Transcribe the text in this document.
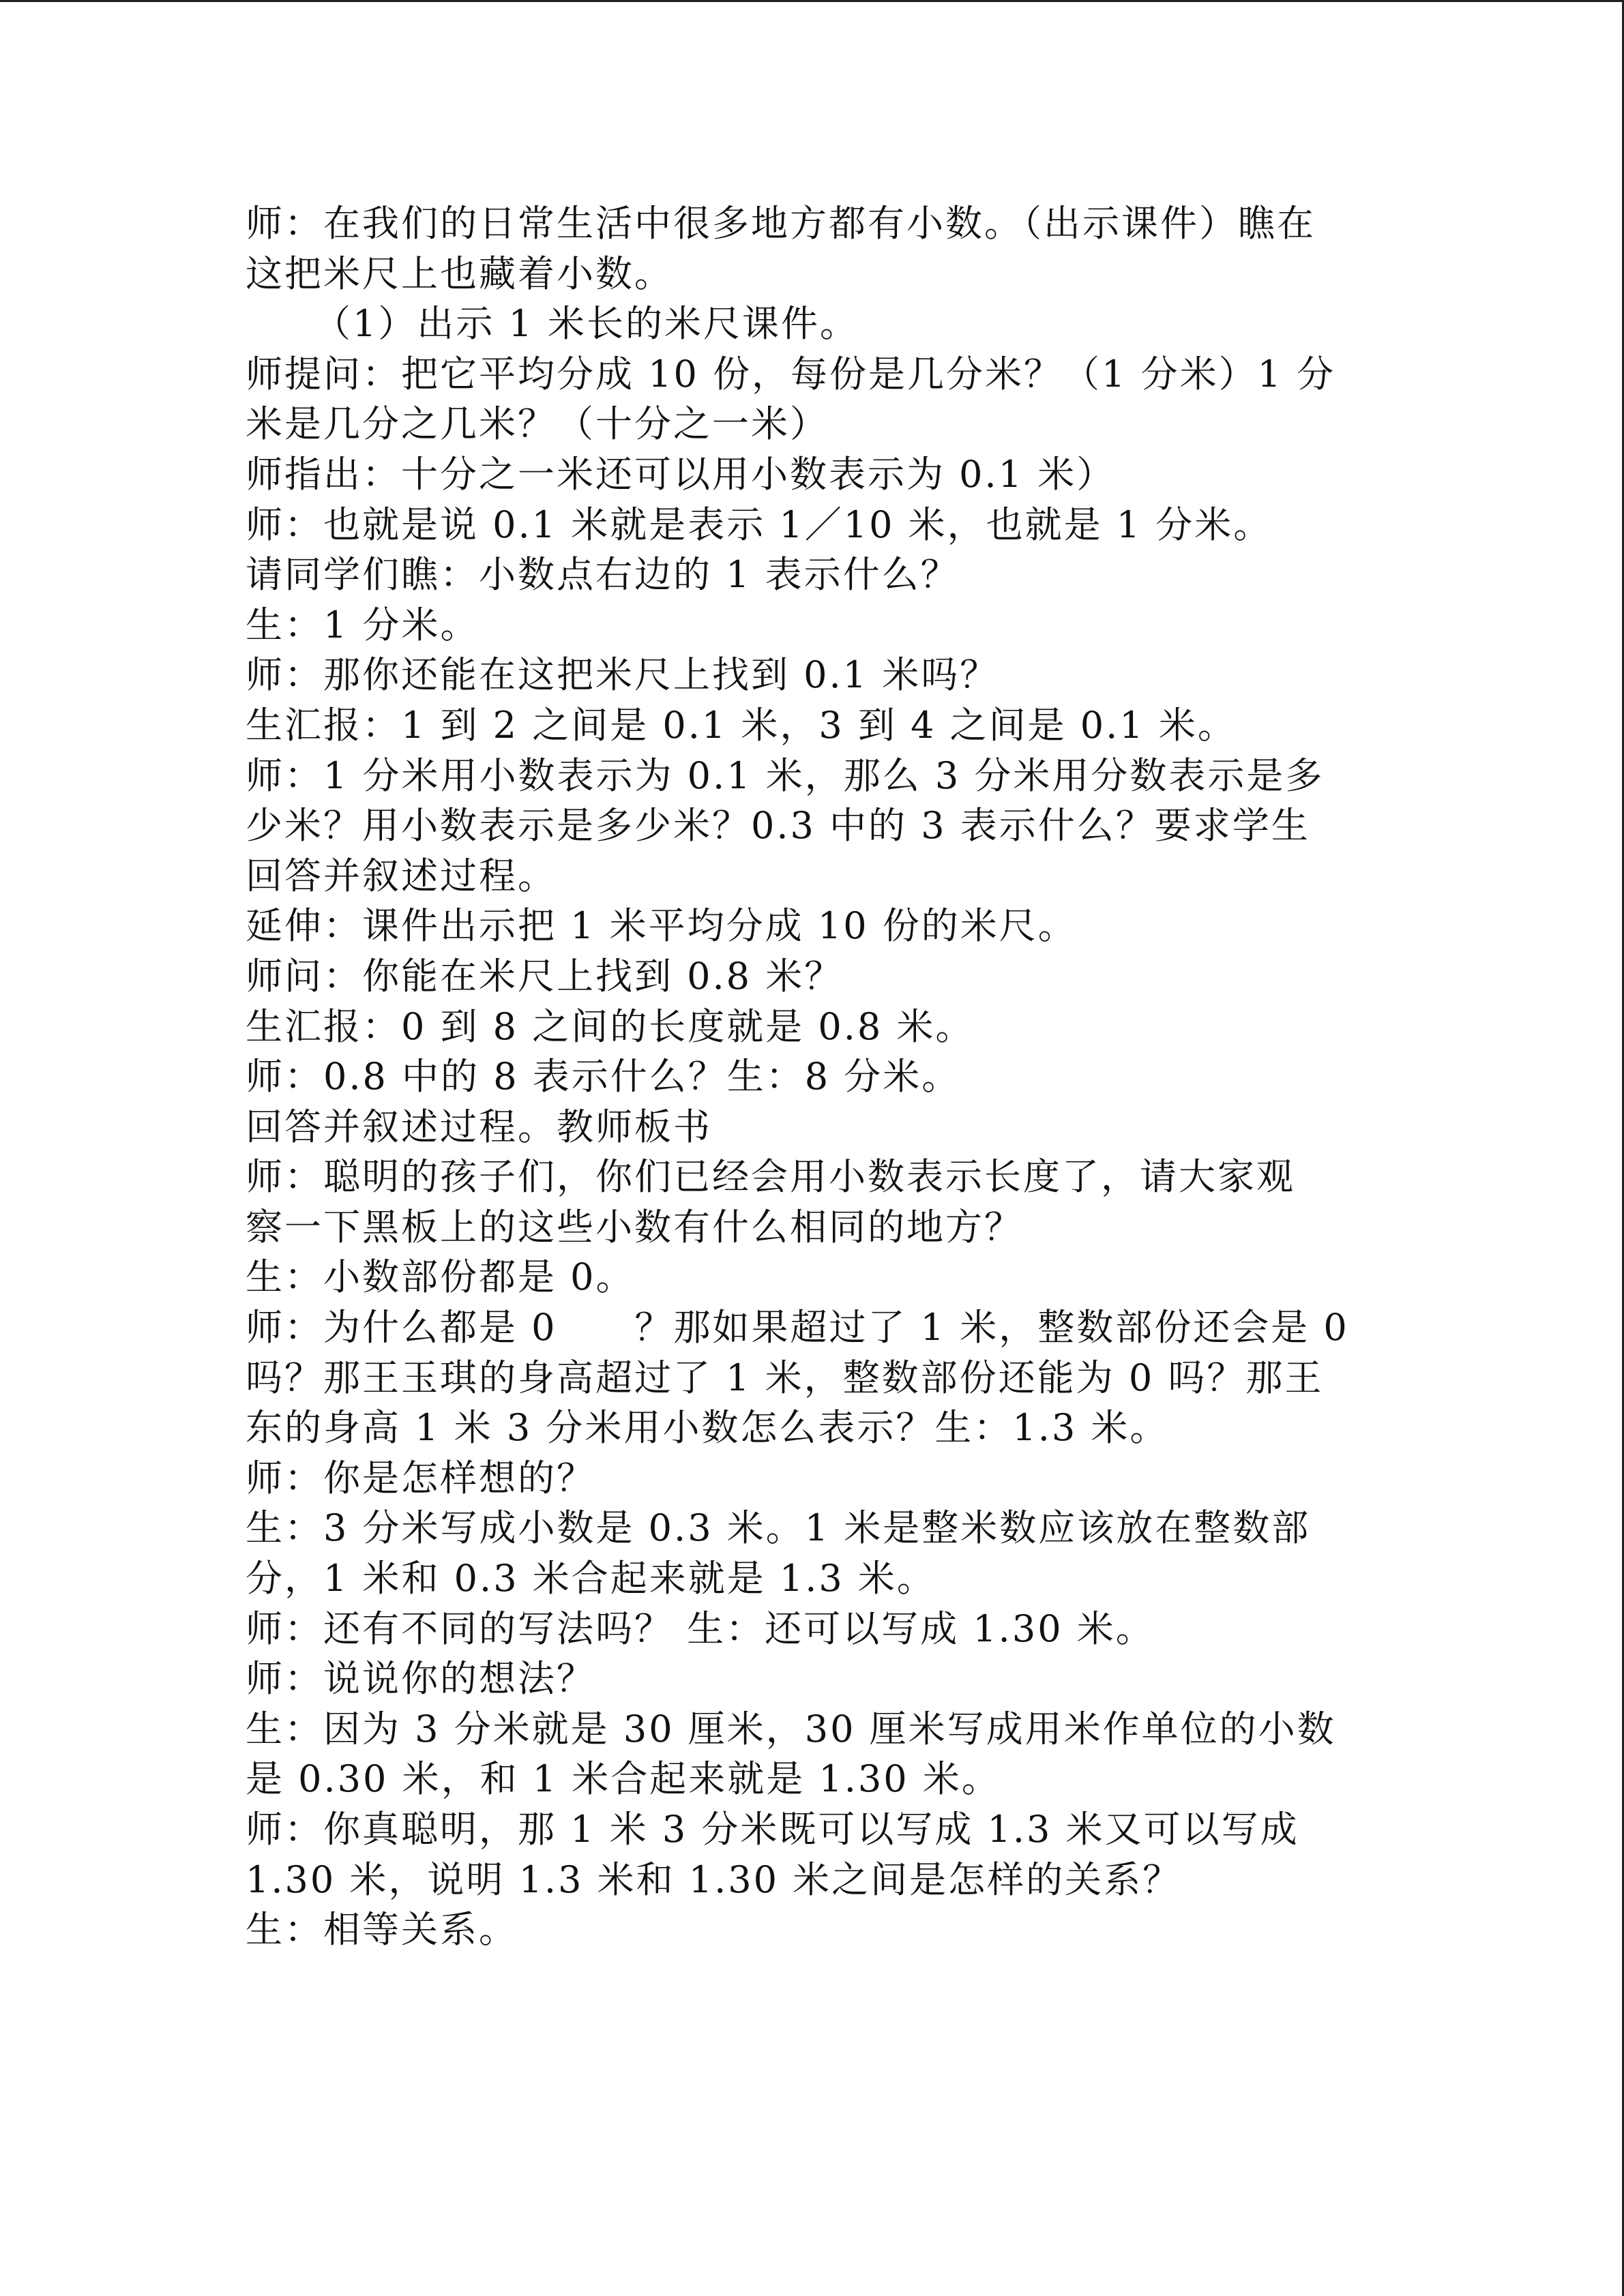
师：在我们的日常生活中很多地方都有小数。（出示课件）瞧在
这把米尺上也藏着小数。
（1）出示 1 米长的米尺课件。
师提问：把它平均分成 10 份，每份是几分米？（1 分米）1 分
米是几分之几米？（十分之一米）
师指出：十分之一米还可以用小数表示为 0.1 米）
师：也就是说 0.1 米就是表示 1／10 米，也就是 1 分米。
请同学们瞧：小数点右边的 1 表示什么？
生：1 分米。
师：那你还能在这把米尺上找到 0.1 米吗？
生汇报：1 到 2 之间是 0.1 米，3 到 4 之间是 0.1 米。
师：1 分米用小数表示为 0.1 米，那么 3 分米用分数表示是多
少米？用小数表示是多少米？0.3 中的 3 表示什么？要求学生
回答并叙述过程。
延伸：课件出示把 1 米平均分成 10 份的米尺。
师问：你能在米尺上找到 0.8 米？
生汇报：0 到 8 之间的长度就是 0.8 米。
师：0.8 中的 8 表示什么？生：8 分米。
回答并叙述过程。教师板书
师：聪明的孩子们，你们已经会用小数表示长度了，请大家观
察一下黑板上的这些小数有什么相同的地方？
生：小数部份都是 0。
师：为什么都是 0　　？那如果超过了 1 米，整数部份还会是 0
吗？那王玉琪的身高超过了 1 米，整数部份还能为 0 吗？那王
东的身高 1 米 3 分米用小数怎么表示？生：1.3 米。
师：你是怎样想的？
生：3 分米写成小数是 0.3 米。1 米是整米数应该放在整数部
分，1 米和 0.3 米合起来就是 1.3 米。
师：还有不同的写法吗？ 生：还可以写成 1.30 米。
师：说说你的想法？
生：因为 3 分米就是 30 厘米，30 厘米写成用米作单位的小数
是 0.30 米，和 1 米合起来就是 1.30 米。
师：你真聪明，那 1 米 3 分米既可以写成 1.3 米又可以写成
1.30 米，说明 1.3 米和 1.30 米之间是怎样的关系？
生：相等关系。
